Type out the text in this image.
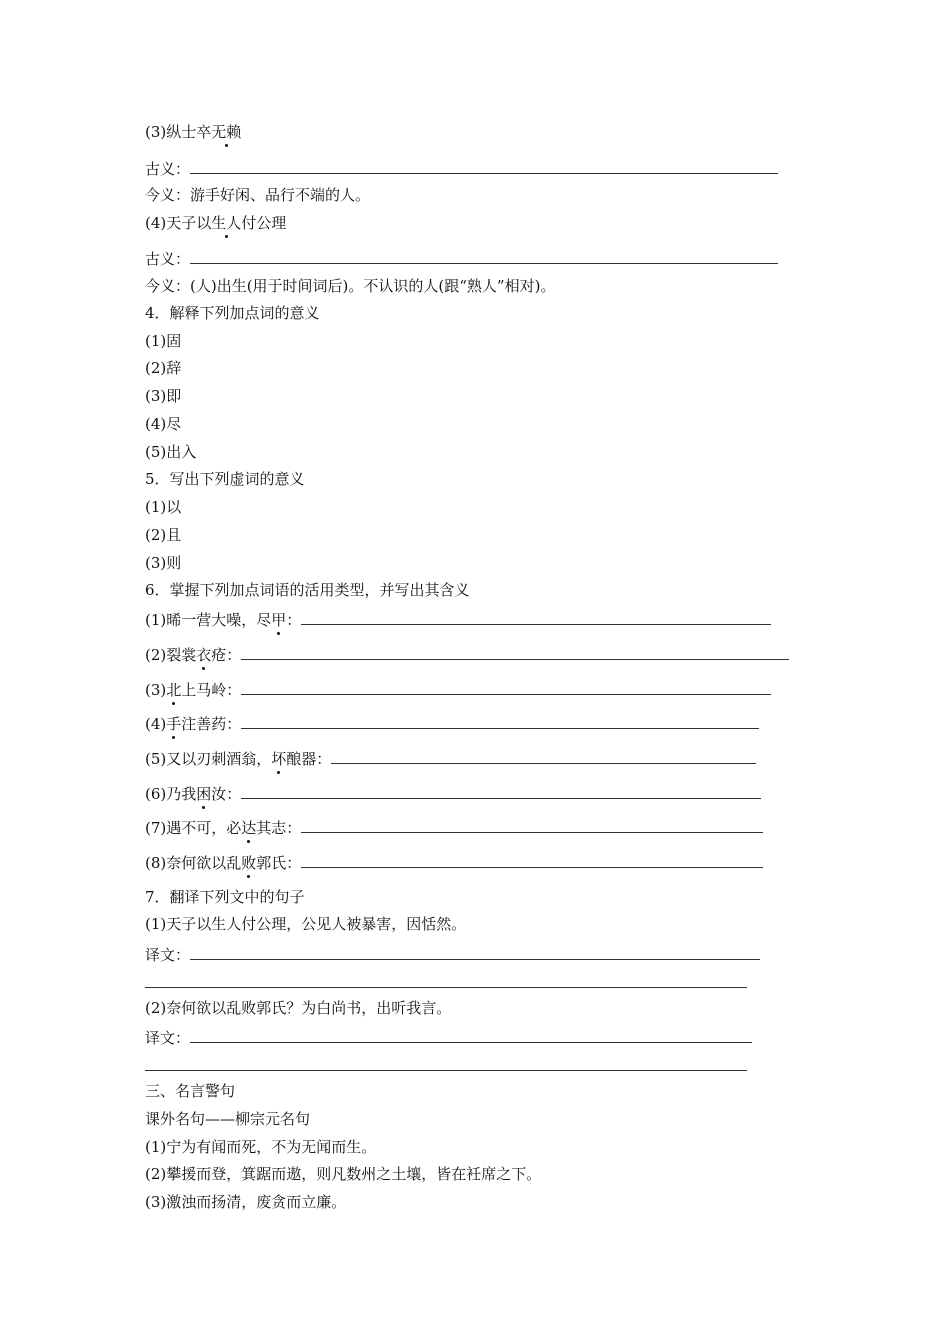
(3)纵士卒无赖
古义：
今义：游手好闲、品行不端的人。
(4)天子以生人付公理
古义：
今义：(人)出生(用于时间词后)。不认识的人(跟“熟人”相对)。
4．解释下列加点词的意义
(1)固
(2)辞
(3)即
(4)尽
(5)出入
5．写出下列虚词的意义
(1)以
(2)且
(3)则
6．掌握下列加点词语的活用类型，并写出其含义
(1)晞一营大噪，尽甲：
(2)裂裳衣疮：
(3)北上马岭：
(4)手注善药：
(5)又以刃刺酒翁，坏酿器：
(6)乃我困汝：
(7)遇不可，必达其志：
(8)奈何欲以乱败郭氏：
7．翻译下列文中的句子
(1)天子以生人付公理，公见人被暴害，因恬然。
译文：
(2)奈何欲以乱败郭氏？为白尚书，出听我言。
译文：
三、名言警句
课外名句——柳宗元名句
(1)宁为有闻而死，不为无闻而生。
(2)攀援而登，箕踞而遨，则凡数州之土壤，皆在衽席之下。
(3)激浊而扬清，废贪而立廉。
